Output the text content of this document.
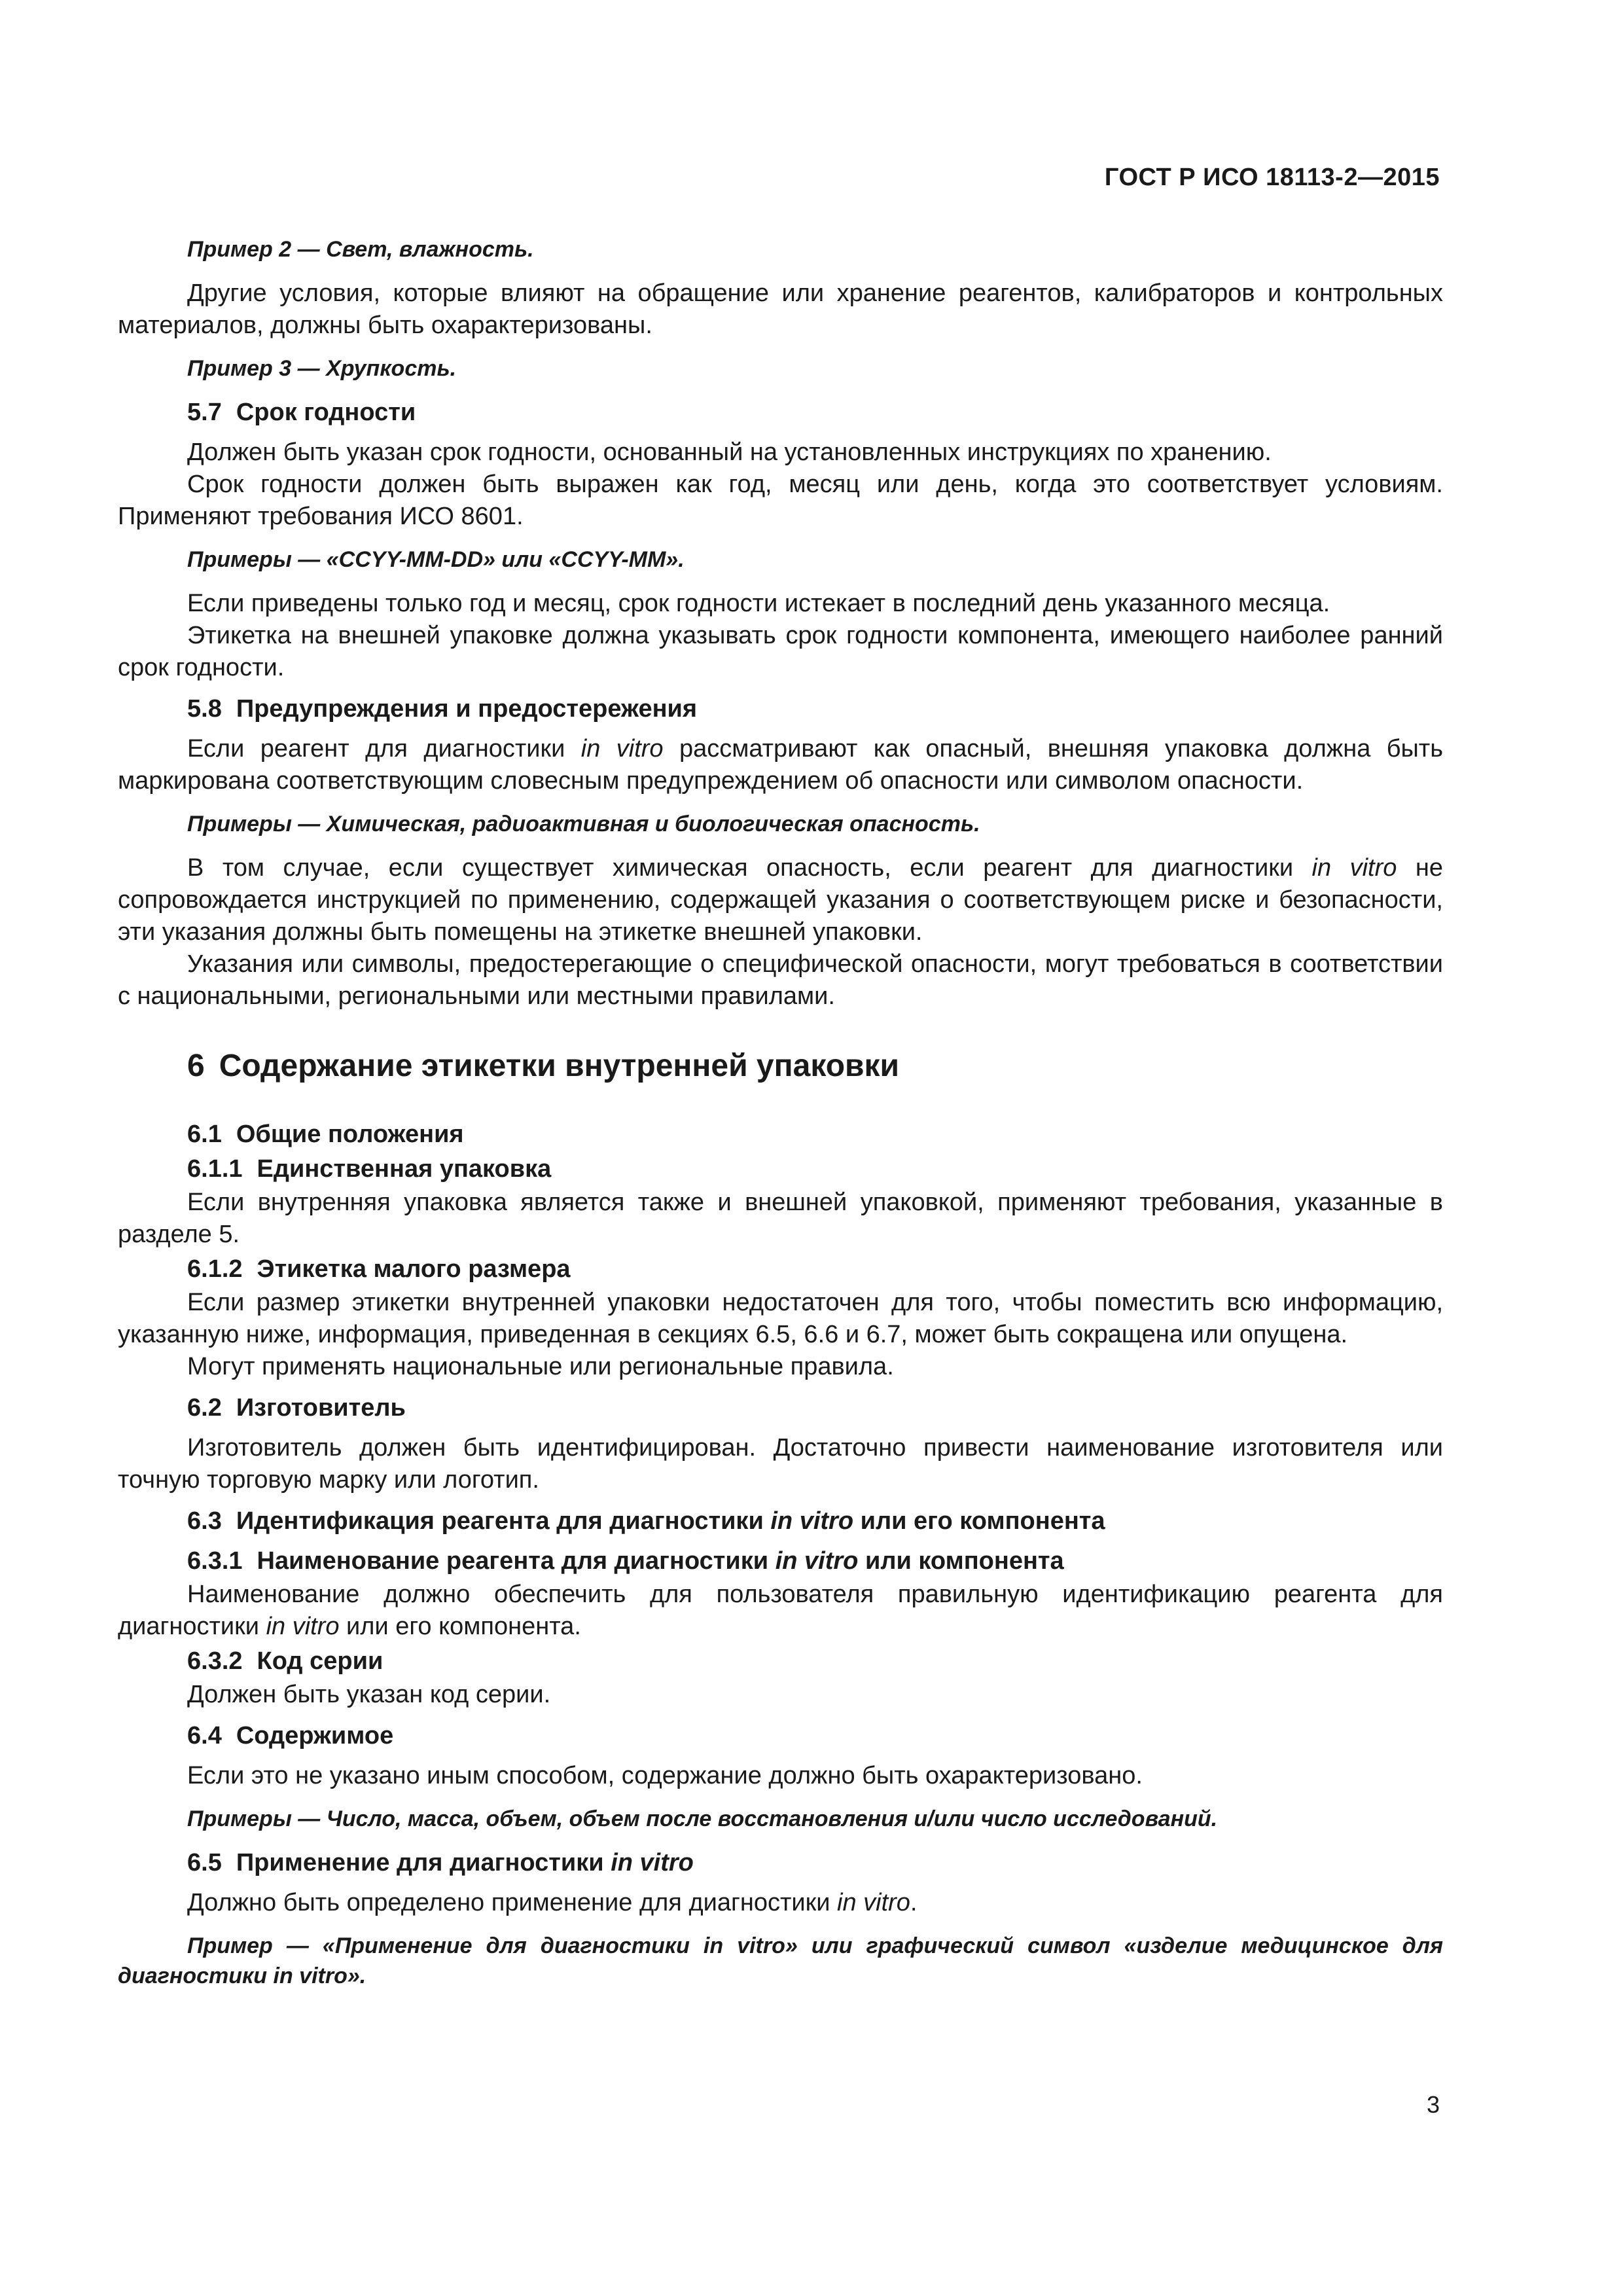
ГОСТ Р ИСО 18113-2—2015
Пример 2 — Свет, влажность.

Другие условия, которые влияют на обращение или хранение реагентов, калибраторов и контрольных материалов, должны быть охарактеризованы.

Пример 3 — Хрупкость.
5.7 Срок годности

Должен быть указан срок годности, основанный на установленных инструкциях по хранению.

Срок годности должен быть выражен как год, месяц или день, когда это соответствует условиям. Применяют требования ИСО 8601.

Примеры — «CCYY-MM-DD» или «CCYY-MM».

Если приведены только год и месяц, срок годности истекает в последний день указанного месяца.

Этикетка на внешней упаковке должна указывать срок годности компонента, имеющего наиболее ранний срок годности.

5.8 Предупреждения и предостережения

Если реагент для диагностики in vitro рассматривают как опасный, внешняя упаковка должна быть маркирована соответствующим словесным предупреждением об опасности или символом опасности.

Примеры — Химическая, радиоактивная и биологическая опасность.

В том случае, если существует химическая опасность, если реагент для диагностики in vitro не сопровождается инструкцией по применению, содержащей указания о соответствующем риске и безопасности, эти указания должны быть помещены на этикетке внешней упаковки.

Указания или символы, предостерегающие о специфической опасности, могут требоваться в соответствии с национальными, региональными или местными правилами.

6 Содержание этикетки внутренней упаковки
6.1 Общие положения
6.1.1 Единственная упаковка

Если внутренняя упаковка является также и внешней упаковкой, применяют требования, указанные в разделе 5.

6.1.2 Этикетка малого размера

Если размер этикетки внутренней упаковки недостаточен для того, чтобы поместить всю информацию, указанную ниже, информация, приведенная в секциях 6.5, 6.6 и 6.7, может быть сокращена или опущена.

Могут применять национальные или региональные правила.

6.2 Изготовитель

Изготовитель должен быть идентифицирован. Достаточно привести наименование изготовителя или точную торговую марку или логотип.

6.3 Идентификация реагента для диагностики in vitro или его компонента
6.3.1 Наименование реагента для диагностики in vitro или компонента

Наименование должно обеспечить для пользователя правильную идентификацию реагента для диагностики in vitro или его компонента.

6.3.2 Код серии

Должен быть указан код серии.

6.4 Содержимое

Если это не указано иным способом, содержание должно быть охарактеризовано.

Примеры — Число, масса, объем, объем после восстановления и/или число исследований.
6.5 Применение для диагностики in vitro

Должно быть определено применение для диагностики in vitro.

Пример — «Применение для диагностики in vitro» или графический символ «изделие медицинское для диагностики in vitro».
3
